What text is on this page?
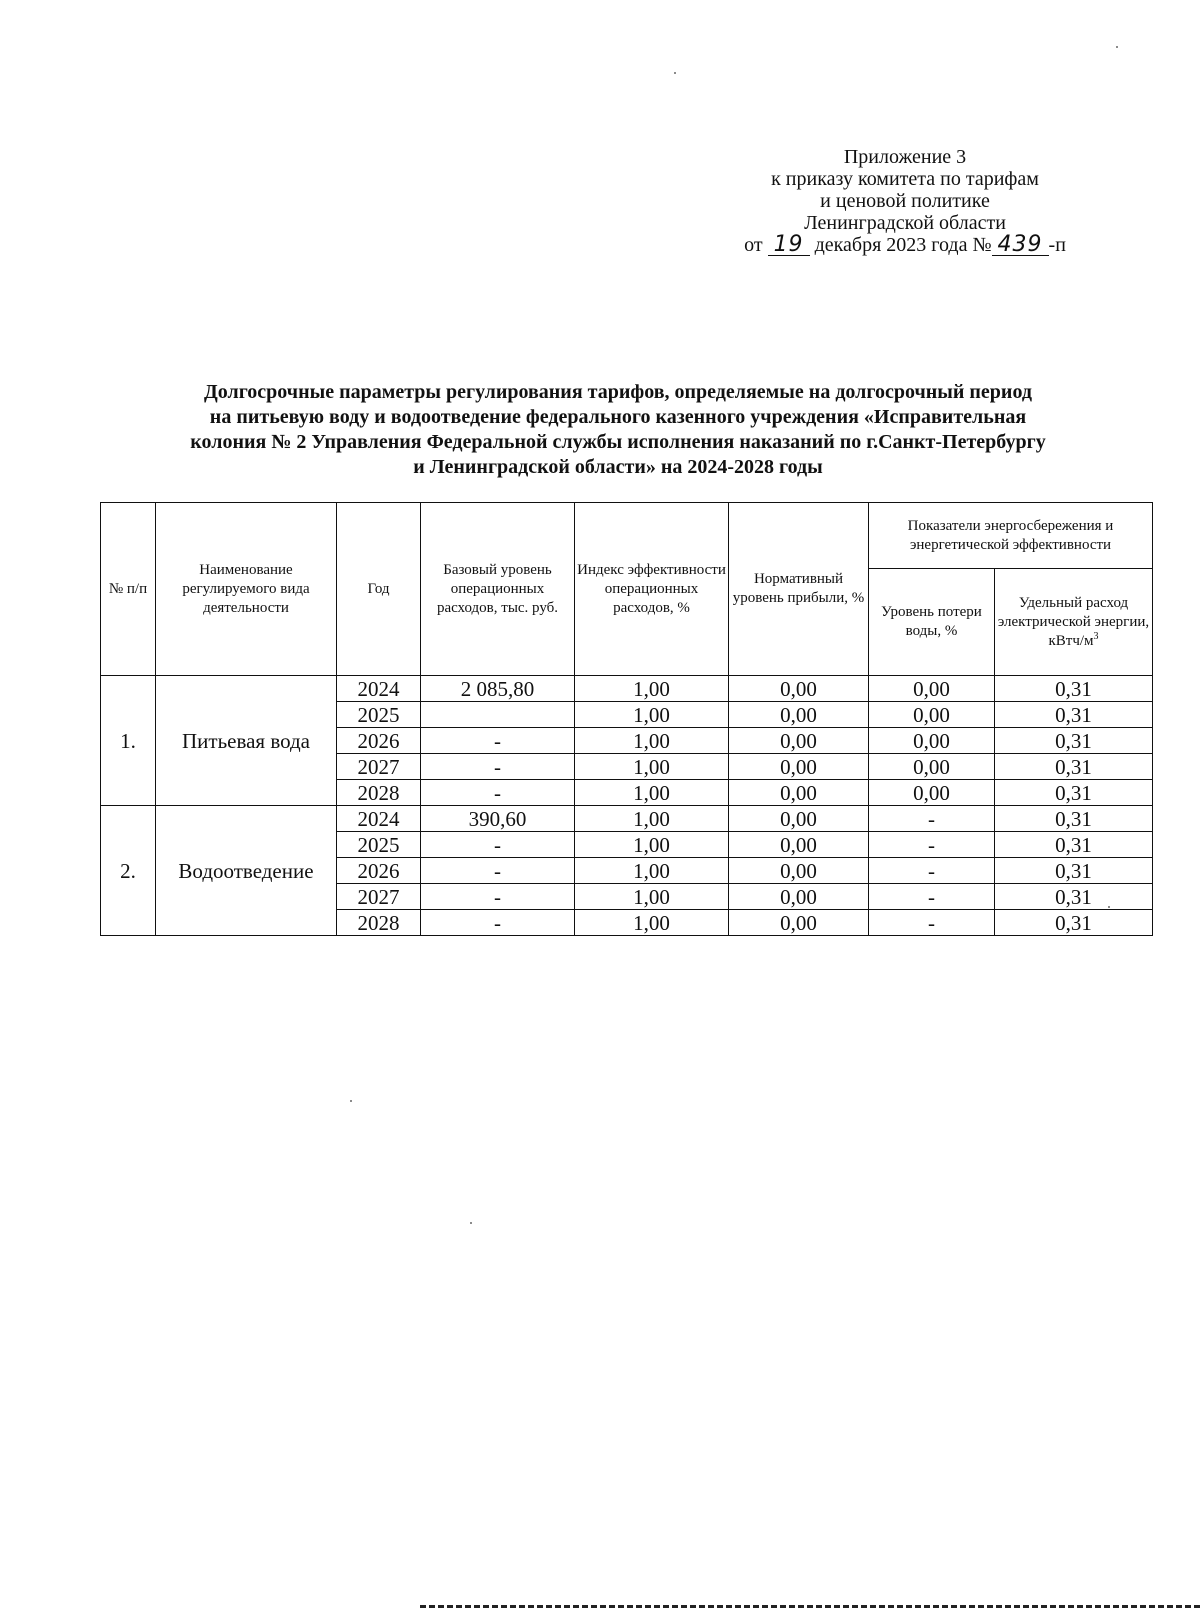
Приложение 3
к приказу комитета по тарифам
и ценовой политике
Ленинградской области
от 19 декабря 2023 года № 439 -п
Долгосрочные параметры регулирования тарифов, определяемые на долгосрочный период
на питьевую воду и водоотведение федерального казенного учреждения «Исправительная
колония № 2 Управления Федеральной службы исполнения наказаний по г.Санкт-Петербургу
и Ленинградской области» на 2024-2028 годы
№ п/п	Наименование регулируемого вида деятельности	Год	Базовый уровень операционных расходов, тыс. руб.	Индекс эффективности операционных расходов, %	Нормативный уровень прибыли, %	Показатели энергосбережения и энергетической эффективности	
						Уровень потери воды, %	Удельный расход электрической энергии, кВтч/$м^3$
1.	Питьевая вода	2024	2 085,80	1,00	0,00	0,00	0,31
		2025		1,00	0,00	0,00	0,31
		2026	-	1,00	0,00	0,00	0,31
		2027	-	1,00	0,00	0,00	0,31
		2028	-	1,00	0,00	0,00	0,31
2.	Водоотведение	2024	390,60	1,00	0,00	-	0,31
		2025	-	1,00	0,00	-	0,31
		2026	-	1,00	0,00	-	0,31
		2027	-	1,00	0,00	-	0,31
		2028	-	1,00	0,00	-	0,31
